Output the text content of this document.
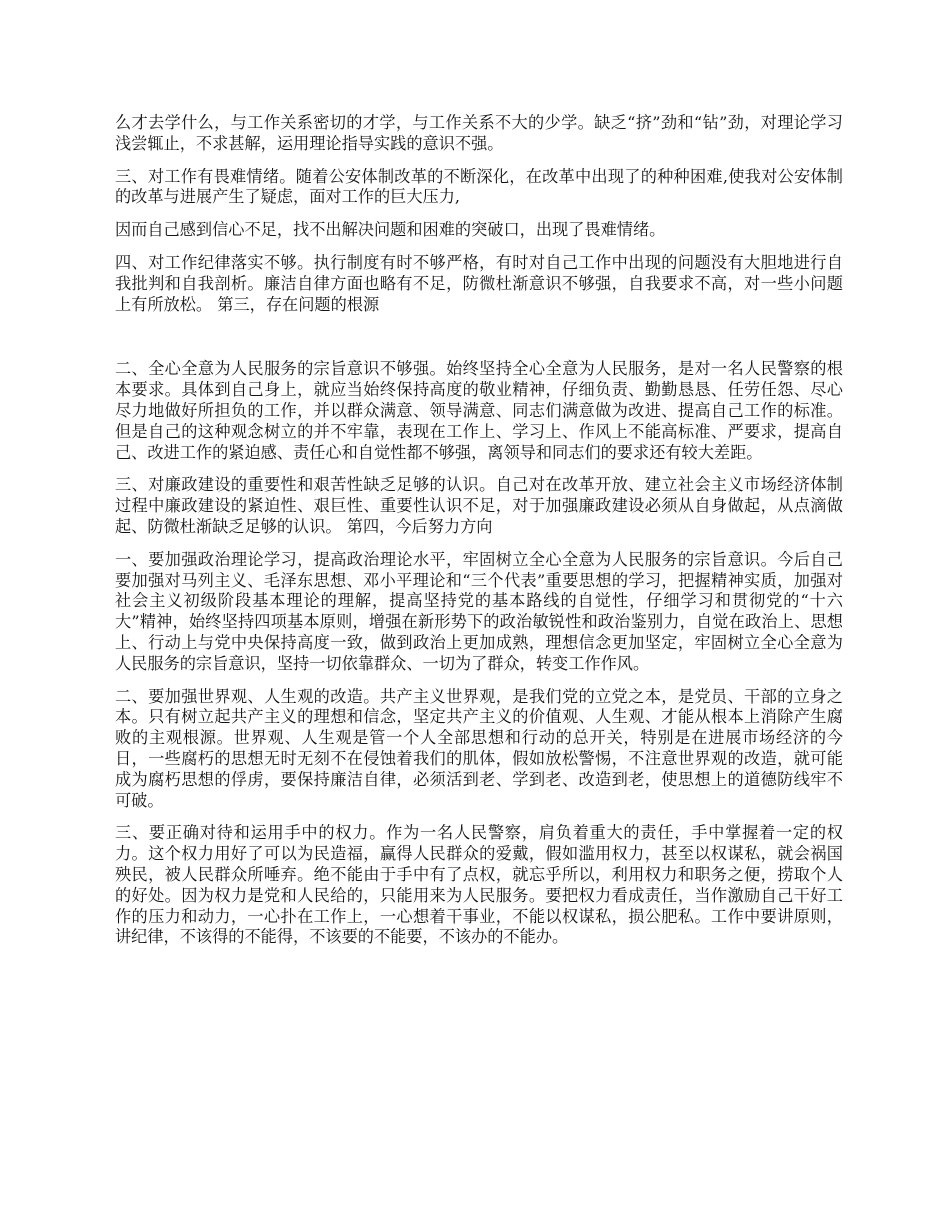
么才去学什么，与工作关系密切的才学，与工作关系不大的少学。缺乏“挤”劲和“钻”劲，对理论学习浅尝辄止，不求甚解，运用理论指导实践的意识不强。

三、对工作有畏难情绪。随着公安体制改革的不断深化，在改革中出现了的种种困难,使我对公安体制的改革与进展产生了疑虑，面对工作的巨大压力,

因而自己感到信心不足，找不出解决问题和困难的突破口，出现了畏难情绪。

四、对工作纪律落实不够。执行制度有时不够严格，有时对自己工作中出现的问题没有大胆地进行自我批判和自我剖析。廉洁自律方面也略有不足，防微杜渐意识不够强，自我要求不高，对一些小问题上有所放松。 第三，存在问题的根源

二、全心全意为人民服务的宗旨意识不够强。始终坚持全心全意为人民服务，是对一名人民警察的根本要求。具体到自己身上，就应当始终保持高度的敬业精神，仔细负责、勤勤恳恳、任劳任怨、尽心尽力地做好所担负的工作，并以群众满意、领导满意、同志们满意做为改进、提高自己工作的标准。但是自己的这种观念树立的并不牢靠，表现在工作上、学习上、作风上不能高标准、严要求，提高自己、改进工作的紧迫感、责任心和自觉性都不够强，离领导和同志们的要求还有较大差距。

三、对廉政建设的重要性和艰苦性缺乏足够的认识。自己对在改革开放、建立社会主义市场经济体制过程中廉政建设的紧迫性、艰巨性、重要性认识不足，对于加强廉政建设必须从自身做起，从点滴做起、防微杜渐缺乏足够的认识。 第四，今后努力方向

一、要加强政治理论学习，提高政治理论水平，牢固树立全心全意为人民服务的宗旨意识。今后自己要加强对马列主义、毛泽东思想、邓小平理论和“三个代表”重要思想的学习，把握精神实质，加强对社会主义初级阶段基本理论的理解，提高坚持党的基本路线的自觉性，仔细学习和贯彻党的“十六大”精神，始终坚持四项基本原则，增强在新形势下的政治敏锐性和政治鉴别力，自觉在政治上、思想上、行动上与党中央保持高度一致，做到政治上更加成熟，理想信念更加坚定，牢固树立全心全意为人民服务的宗旨意识，坚持一切依靠群众、一切为了群众，转变工作作风。

二、要加强世界观、人生观的改造。共产主义世界观，是我们党的立党之本，是党员、干部的立身之本。只有树立起共产主义的理想和信念，坚定共产主义的价值观、人生观、才能从根本上消除产生腐败的主观根源。世界观、人生观是管一个人全部思想和行动的总开关，特别是在进展市场经济的今日，一些腐朽的思想无时无刻不在侵蚀着我们的肌体，假如放松警惕，不注意世界观的改造，就可能成为腐朽思想的俘虏，要保持廉洁自律，必须活到老、学到老、改造到老，使思想上的道德防线牢不可破。

三、要正确对待和运用手中的权力。作为一名人民警察，肩负着重大的责任，手中掌握着一定的权力。这个权力用好了可以为民造福，赢得人民群众的爱戴，假如滥用权力，甚至以权谋私，就会祸国殃民，被人民群众所唾弃。绝不能由于手中有了点权，就忘乎所以，利用权力和职务之便，捞取个人的好处。因为权力是党和人民给的，只能用来为人民服务。要把权力看成责任，当作激励自己干好工作的压力和动力，一心扑在工作上，一心想着干事业，不能以权谋私，损公肥私。工作中要讲原则，讲纪律，不该得的不能得，不该要的不能要，不该办的不能办。
